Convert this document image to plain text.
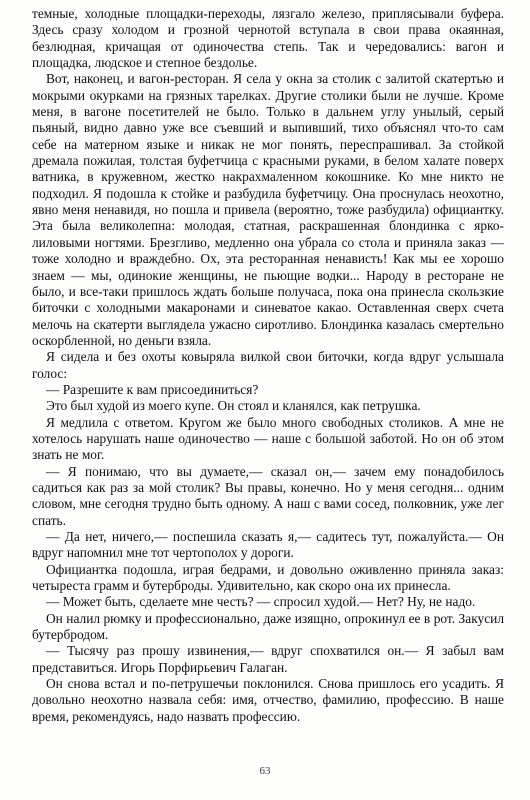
темные, холодные площадки-переходы, лязгало железо, приплясывали буфера. Здесь сразу холодом и грозной чернотой вступала в свои права окаянная, безлюдная, кричащая от одиночества степь. Так и чередовались: вагон и площадка, людское и степное бездолье.

Вот, наконец, и вагон-ресторан. Я села у окна за столик с залитой скатертью и мокрыми окурками на грязных тарелках. Другие столики были не лучше. Кроме меня, в вагоне посетителей не было. Только в дальнем углу унылый, серый пьяный, видно давно уже все съевший и выпивший, тихо объяснял что-то сам себе на матерном языке и никак не мог понять, переспрашивал. За стойкой дремала пожилая, толстая буфетчица с красными руками, в белом халате поверх ватника, в кружевном, жестко накрахмаленном кокошнике. Ко мне никто не подходил. Я подошла к стойке и разбудила буфетчицу. Она проснулась неохотно, явно меня ненавидя, но пошла и привела (вероятно, тоже разбудила) официантку. Эта была великолепна: молодая, статная, раскрашенная блондинка с ярко-лиловыми ногтями. Брезгливо, медленно она убрала со стола и приняла заказ — тоже холодно и враждебно. Ох, эта ресторанная ненависть! Как мы ее хорошо знаем — мы, одинокие женщины, не пьющие водки... Народу в ресторане не было, и все-таки пришлось ждать больше получаса, пока она принесла скользкие биточки с холодными макаронами и синеватое какао. Оставленная сверх счета мелочь на скатерти выглядела ужасно сиротливо. Блондинка казалась смертельно оскорбленной, но деньги взяла.

Я сидела и без охоты ковыряла вилкой свои биточки, когда вдруг услышала голос:

— Разрешите к вам присоединиться?

Это был худой из моего купе. Он стоял и кланялся, как петрушка.

Я медлила с ответом. Кругом же было много свободных столиков. А мне не хотелось нарушать наше одиночество — наше с большой заботой. Но он об этом знать не мог.

— Я понимаю, что вы думаете,— сказал он,— зачем ему понадобилось садиться как раз за мой столик? Вы правы, конечно. Но у меня сегодня... одним словом, мне сегодня трудно быть одному. А наш с вами сосед, полковник, уже лег спать.

— Да нет, ничего,— поспешила сказать я,— садитесь тут, пожалуйста.— Он вдруг напомнил мне тот чертополох у дороги.

Официантка подошла, играя бедрами, и довольно оживленно приняла заказ: четыреста грамм и бутерброды. Удивительно, как скоро она их принесла.

— Может быть, сделаете мне честь? — спросил худой.— Нет? Ну, не надо.

Он налил рюмку и профессионально, даже изящно, опрокинул ее в рот. Закусил бутербродом.

— Тысячу раз прошу извинения,— вдруг спохватился он.— Я забыл вам представиться. Игорь Порфирьевич Галаган.

Он снова встал и по-петрушечьи поклонился. Снова пришлось его усадить. Я довольно неохотно назвала себя: имя, отчество, фамилию, профессию. В наше время, рекомендуясь, надо назвать профессию.

63
